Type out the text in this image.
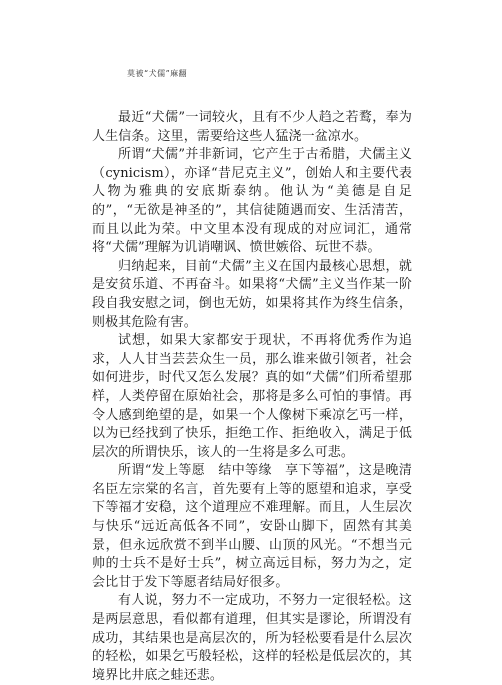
莫被“犬儒”麻翻

最近“犬儒”一词较火，且有不少人趋之若鹜，奉为人生信条。这里，需要给这些人猛浇一盆凉水。

所谓“犬儒”并非新词，它产生于古希腊，犬儒主义（cynicism），亦译“昔尼克主义”，创始人和主要代表人物为雅典的安底斯泰纳。他认为“美德是自足的”，“无欲是神圣的”，其信徒随遇而安、生活清苦，而且以此为荣。中文里本没有现成的对应词汇，通常将“犬儒”理解为讥诮嘲讽、愤世嫉俗、玩世不恭。

归纳起来，目前“犬儒”主义在国内最核心思想，就是安贫乐道、不再奋斗。如果将“犬儒”主义当作某一阶段自我安慰之词，倒也无妨，如果将其作为终生信条，则极其危险有害。

试想，如果大家都安于现状，不再将优秀作为追求，人人甘当芸芸众生一员，那么谁来做引领者，社会如何进步，时代又怎么发展？真的如“犬儒”们所希望那样，人类停留在原始社会，那将是多么可怕的事情。再令人感到绝望的是，如果一个人像树下乘凉乞丐一样，以为已经找到了快乐，拒绝工作、拒绝收入，满足于低层次的所谓快乐，该人的一生将是多么可悲。

所谓“发上等愿　结中等缘　享下等福”，这是晚清名臣左宗棠的名言，首先要有上等的愿望和追求，享受下等福才安稳，这个道理应不难理解。而且，人生层次与快乐“远近高低各不同”，安卧山脚下，固然有其美景，但永远欣赏不到半山腰、山顶的风光。“不想当元帅的士兵不是好士兵”，树立高远目标，努力为之，定会比甘于发下等愿者结局好很多。

有人说，努力不一定成功，不努力一定很轻松。这是两层意思，看似都有道理，但其实是谬论，所谓没有成功，其结果也是高层次的，所为轻松要看是什么层次的轻松，如果乞丐般轻松，这样的轻松是低层次的，其境界比井底之蛙还悲。
